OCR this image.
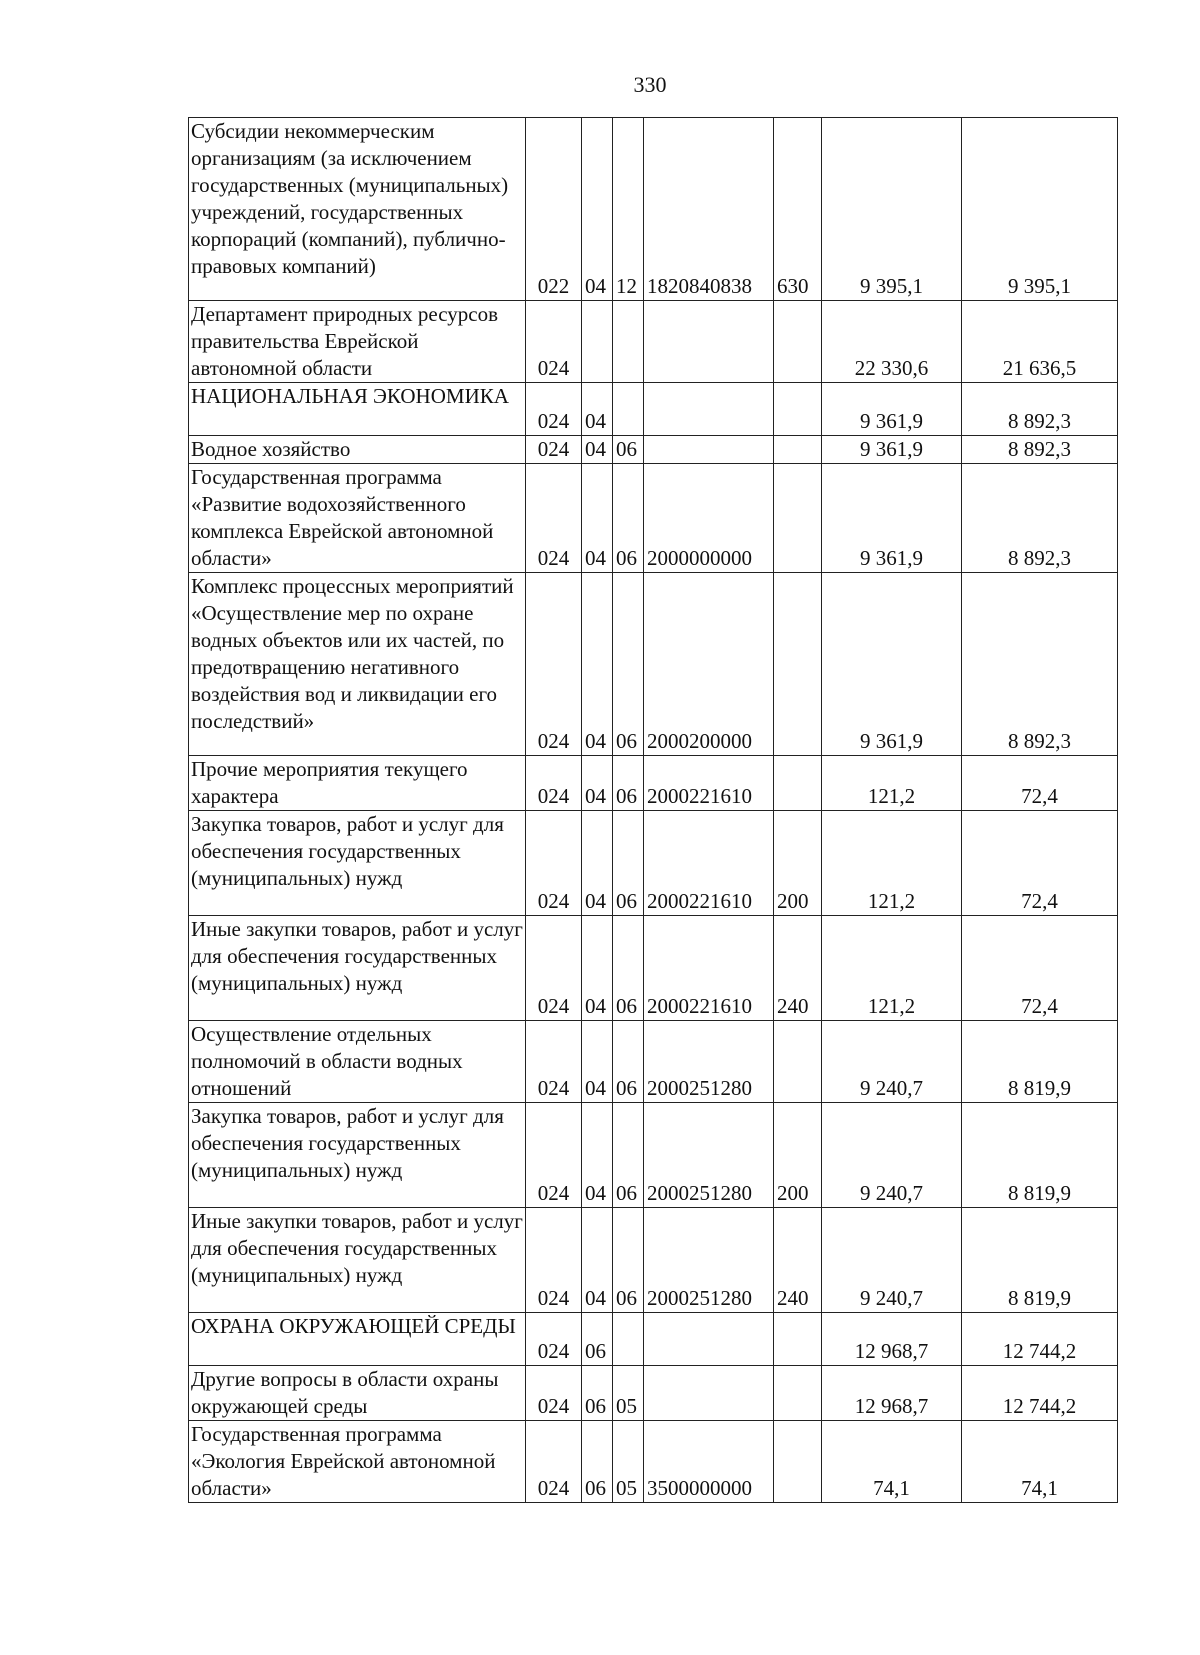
330
Субсидии некоммерческим организациям (за исключением государственных (муниципальных) учреждений, государственных корпораций (компаний), публично-правовых компаний)	022	04	12	1820840838	630	9 395,1	9 395,1
Департамент природных ресурсов правительства Еврейской автономной области	024					22 330,6	21 636,5
НАЦИОНАЛЬНАЯ ЭКОНОМИКА	024	04				9 361,9	8 892,3
Водное хозяйство	024	04	06			9 361,9	8 892,3
Государственная программа «Развитие водохозяйственного комплекса Еврейской автономной области»	024	04	06	2000000000		9 361,9	8 892,3
Комплекс процессных мероприятий «Осуществление мер по охране водных объектов или их частей, по предотвращению негативного воздействия вод и ликвидации его последствий»	024	04	06	2000200000		9 361,9	8 892,3
Прочие мероприятия текущего характера	024	04	06	2000221610		121,2	72,4
Закупка товаров, работ и услуг для обеспечения государственных (муниципальных) нужд	024	04	06	2000221610	200	121,2	72,4
Иные закупки товаров, работ и услуг для обеспечения государственных (муниципальных) нужд	024	04	06	2000221610	240	121,2	72,4
Осуществление отдельных полномочий в области водных отношений	024	04	06	2000251280		9 240,7	8 819,9
Закупка товаров, работ и услуг для обеспечения государственных (муниципальных) нужд	024	04	06	2000251280	200	9 240,7	8 819,9
Иные закупки товаров, работ и услуг для обеспечения государственных (муниципальных) нужд	024	04	06	2000251280	240	9 240,7	8 819,9
ОХРАНА ОКРУЖАЮЩЕЙ СРЕДЫ	024	06				12 968,7	12 744,2
Другие вопросы в области охраны окружающей среды	024	06	05			12 968,7	12 744,2
Государственная программа «Экология Еврейской автономной области»	024	06	05	3500000000		74,1	74,1
